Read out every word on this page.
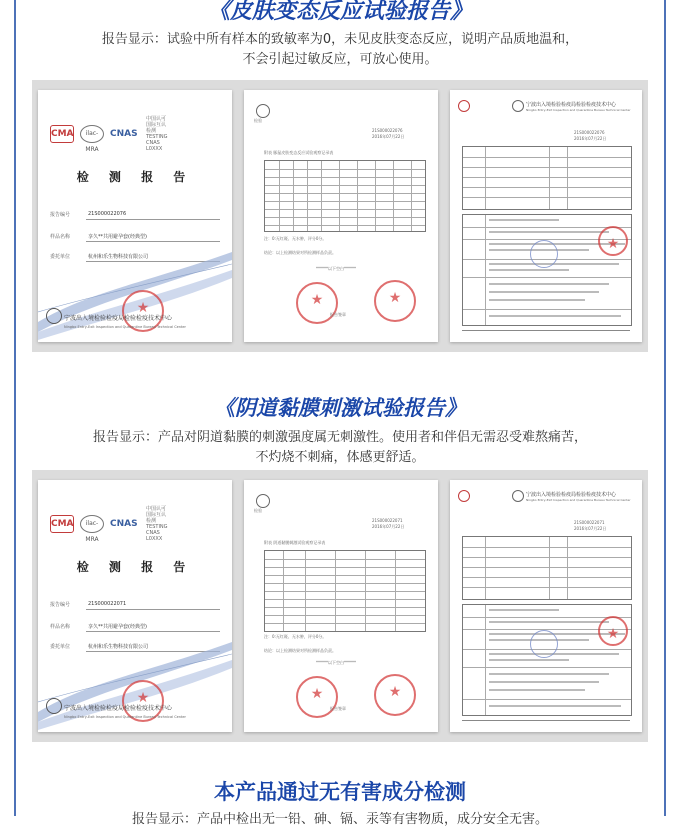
《皮肤变态反应试验报告》
报告显示：试验中所有样本的致敏率为0，未见皮肤变态反应，说明产品质地温和，
不会引起过敏反应，可放心使用。
CMA	ilac-MRA
CNAS
中国认可 国际互认 检测 TESTING CNAS L0XXX
检 测 报 告
报告编号	21S000022076
样品名称	享久**共用避孕套(经典型)
委托单位	杭州和乐生物科技有限公司
★
宁波出入境检验检疫局检验检疫技术中心
Ningbo Entry-Exit Inspection and Quarantine Bureau Technical Center
检验
21S000022076
2016年07月22日
附表 豚鼠皮肤变态反应试验观察记录表
注：0:无红斑、无水肿，评分0分。
结论：以上检测结果对所检测样品负责。
******以下空白******
★
★
报告签章
宁波出入境检验检疫局检验检疫技术中心
Ningbo Entry-Exit Inspection and Quarantine Bureau Technical Center
21S000022076
2016年07月22日
★
《阴道黏膜刺激试验报告》
报告显示：产品对阴道黏膜的刺激强度属无刺激性。使用者和伴侣无需忍受难熬痛苦，
不灼烧不刺痛，体感更舒适。
CMA	ilac-MRA
CNAS
中国认可 国际互认 检测 TESTING CNAS L0XXX
检 测 报 告
报告编号	21S000022071
样品名称	享久**共用避孕套(经典型)
委托单位	杭州和乐生物科技有限公司
★
宁波出入境检验检疫局检验检疫技术中心
Ningbo Entry-Exit Inspection and Quarantine Bureau Technical Center
检验
21S000022071
2016年07月22日
附表 阴道黏膜刺激试验观察记录表
注：0:无红斑、无水肿，评分0分。
结论：以上检测结果对所检测样品负责。
******以下空白******
★
★
报告签章
宁波出入境检验检疫局检验检疫技术中心
Ningbo Entry-Exit Inspection and Quarantine Bureau Technical Center
21S000022071
2016年07月22日
★
本产品通过无有害成分检测
报告显示：产品中检出无一铅、砷、镉、汞等有害物质，成分安全无害。
